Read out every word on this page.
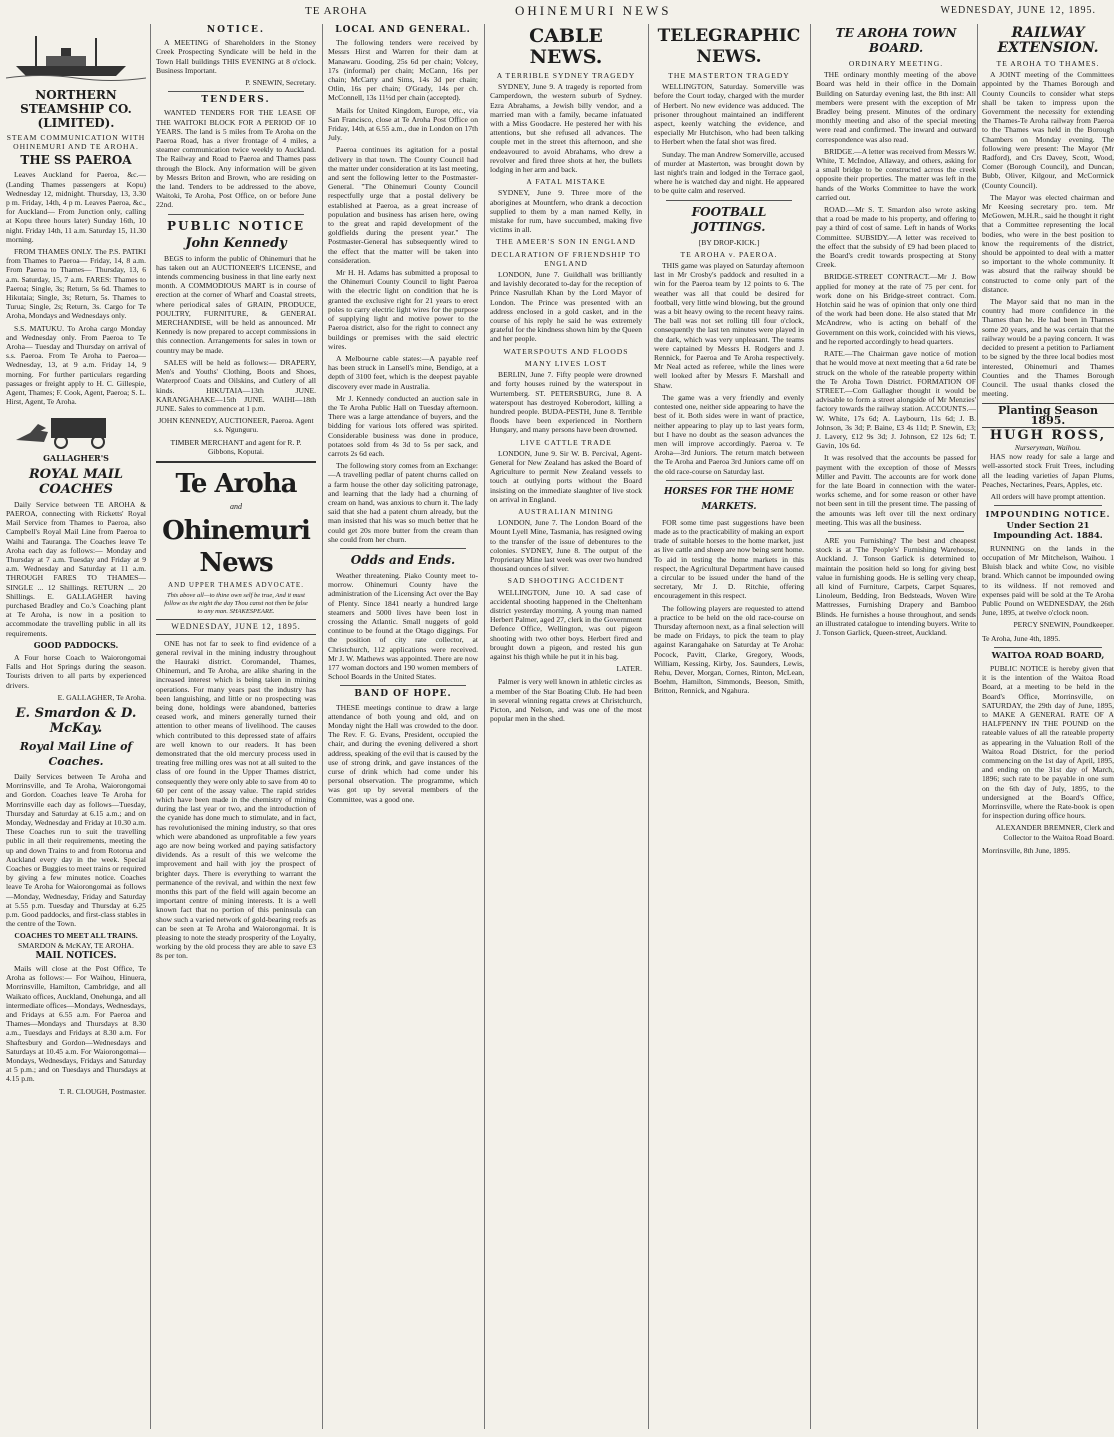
TE AROHA	OHINEMURI NEWS	WEDNESDAY, JUNE 12, 1895.
NORTHERN STEAMSHIP CO. (LIMITED).
STEAM COMMUNICATION WITH OHINEMURI AND TE AROHA.
THE SS PAEROA

Leaves Auckland for Paeroa, &c.— (Landing Thames passengers at Kopu) Wednesday 12, midnight. Thursday, 13, 3.30 p m. Friday, 14th, 4 p m. Leaves Paeroa, &c., for Auckland— From Junction only, calling at Kopu three hours later) Sunday 16th, 10 night. Friday 14th, 11 a.m. Saturday 15, 11.30 morning.

FROM THAMES ONLY. The P.S. PATIKI from Thames to Paeroa— Friday, 14, 8 a.m. From Paeroa to Thames— Thursday, 13, 6 a.m. Saturday, 15, 7 a.m. FARES: Thames to Paeroa; Single, 3s; Return, 5s 6d. Thames to Hikutaia; Single, 3s; Return, 5s. Thames to Turua; Single, 2s; Return, 3s. Cargo for Te Aroha, Mondays and Wednesdays only.

S.S. MATUKU. To Aroha cargo Monday and Wednesday only. From Paeroa to Te Aroha— Tuesday and Thursday on arrival of s.s. Paeroa. From Te Aroha to Paeroa— Wednesday, 13, at 9 a.m. Friday 14, 9 morning. For further particulars regarding passages or freight apply to H. C. Gillespie, Agent, Thames; F. Cook, Agent, Paeroa; S. L. Hirst, Agent, Te Aroha.

GALLAGHER'S
ROYAL MAIL COACHES

Daily Service between TE AROHA & PAEROA, connecting with Ricketts' Royal Mail Service from Thames to Paeroa, also Campbell's Royal Mail Line from Paeroa to Waihi and Tauranga. The Coaches leave Te Aroha each day as follows:— Monday and Thursday at 7 a.m. Tuesday and Friday at 9 a.m. Wednesday and Saturday at 11 a.m. THROUGH FARES TO THAMES— SINGLE ... 12 Shillings. RETURN ... 20 Shillings. E. GALLAGHER having purchased Bradley and Co.'s Coaching plant at Te Aroha, is now in a position to accommodate the travelling public in all its requirements.

GOOD PADDOCKS.

A Four horse Coach to Waiorongomai Falls and Hot Springs during the season. Tourists driven to all parts by experienced drivers.

E. GALLAGHER, Te Aroha.
E. Smardon & D. McKay.
Royal Mail Line of Coaches.

Daily Services between Te Aroha and Morrinsville, and Te Aroha, Waiorongomai and Gordon. Coaches leave Te Aroha for Morrinsville each day as follows—Tuesday, Thursday and Saturday at 6.15 a.m.; and on Monday, Wednesday and Friday at 10.30 a.m. These Coaches run to suit the travelling public in all their requirements, meeting the up and down Trains to and from Rotorua and Auckland every day in the week. Special Coaches or Buggies to meet trains or required by giving a few minutes notice. Coaches leave Te Aroha for Waiorongomai as follows—Monday, Wednesday, Friday and Saturday at 5.55 p.m. Tuesday and Thursday at 6.25 p.m. Good paddocks, and first-class stables in the centre of the Town.

COACHES TO MEET ALL TRAINS.
SMARDON & McKAY, TE AROHA.
MAIL NOTICES.

Mails will close at the Post Office, Te Aroha as follows:— For Waihou, Hinuera, Morrinsville, Hamilton, Cambridge, and all Waikato offices, Auckland, Onehunga, and all intermediate offices—Mondays, Wednesdays, and Fridays at 6.55 a.m. For Paeroa and Thames—Mondays and Thursdays at 8.30 a.m., Tuesdays and Fridays at 8.30 a.m. For Shaftesbury and Gordon—Wednesdays and Saturdays at 10.45 a.m. For Waiorongomai—Mondays, Wednesdays, Fridays and Saturday at 5 p.m.; and on Tuesdays and Thursdays at 4.15 p.m.

T. R. CLOUGH, Postmaster.
NOTICE.

A MEETING of Shareholders in the Stoney Creek Prospecting Syndicate will be held in the Town Hall buildings THIS EVENING at 8 o'clock. Business Important.

P. SNEWIN, Secretary.
TENDERS.

WANTED TENDERS FOR THE LEASE OF THE WAITOKI BLOCK FOR A PERIOD OF 10 YEARS. The land is 5 miles from Te Aroha on the Paeroa Road, has a river frontage of 4 miles, a steamer communication twice weekly to Auckland. The Railway and Road to Paeroa and Thames pass through the Block. Any information will be given by Messrs Briton and Brown, who are residing on the land. Tenders to be addressed to the above, Waitoki, Te Aroha, Post Office, on or before June 22nd.

PUBLIC NOTICE
John Kennedy

BEGS to inform the public of Ohinemuri that he has taken out an AUCTIONEER'S LICENSE, and intends commencing business in that line early next month. A COMMODIOUS MART is in course of erection at the corner of Wharf and Coastal streets, where periodical sales of GRAIN, PRODUCE, POULTRY, FURNITURE, & GENERAL MERCHANDISE, will be held as announced. Mr Kennedy is now prepared to accept commissions in this connection. Arrangements for sales in town or country may be made.

SALES will be held as follows:— DRAPERY, Men's and Youths' Clothing, Boots and Shoes, Waterproof Coats and Oilskins, and Cutlery of all kinds. HIKUTAIA—13th JUNE. KARANGAHAKE—15th JUNE. WAIHI—18th JUNE. Sales to commence at 1 p.m.

JOHN KENNEDY, AUCTIONEER, Paeroa. Agent s.s. Ngunguru.
TIMBER MERCHANT and agent for R. P. Gibbons, Koputai.
Te Aroha
and
Ohinemuri News
AND UPPER THAMES ADVOCATE.
This above all—to thine own self be true, And it must follow as the night the day Thou canst not then be false to any man. SHAKESPEARE.
WEDNESDAY, JUNE 12, 1895.

ONE has not far to seek to find evidence of a general revival in the mining industry throughout the Hauraki district. Coromandel, Thames, Ohinemuri, and Te Aroha, are alike sharing in the increased interest which is being taken in mining operations. For many years past the industry has been languishing, and little or no prospecting was being done, holdings were abandoned, batteries ceased work, and miners generally turned their attention to other means of livelihood. The causes which contributed to this depressed state of affairs are well known to our readers. It has been demonstrated that the old mercury process used in treating free milling ores was not at all suited to the class of ore found in the Upper Thames district, consequently they were only able to save from 40 to 60 per cent of the assay value. The rapid strides which have been made in the chemistry of mining during the last year or two, and the introduction of the cyanide has done much to stimulate, and in fact, has revolutionised the mining industry, so that ores which were abandoned as unprofitable a few years ago are now being worked and paying satisfactory dividends. As a result of this we welcome the improvement and hail with joy the prospect of brighter days. There is everything to warrant the permanence of the revival, and within the next few months this part of the field will again become an important centre of mining interests. It is a well known fact that no portion of this peninsula can show such a varied network of gold-bearing reefs as can be seen at Te Aroha and Waiorongomai. It is pleasing to note the steady prosperity of the Loyalty, working by the old process they are able to save £3 8s per ton.

LOCAL AND GENERAL.

The following tenders were received by Messrs Hirst and Warren for their dam at Manawaru. Gooding, 25s 6d per chain; Volcey, 17s (informal) per chain; McCann, 16s per chain; McCarty and Sims, 14s 3d per chain; Otlin, 16s per chain; O'Grady, 14s per ch. McConnell, 13s 11½d per chain (accepted).

Mails for United Kingdom, Europe, etc., via San Francisco, close at Te Aroha Post Office on Friday, 14th, at 6.55 a.m., due in London on 17th July.

Paeroa continues its agitation for a postal delivery in that town. The County Council had the matter under consideration at its last meeting, and sent the following letter to the Postmaster-General. "The Ohinemuri County Council respectfully urge that a postal delivery be established at Paeroa, as a great increase of population and business has arisen here, owing to the great and rapid development of the goldfields during the present year." The Postmaster-General has subsequently wired to the effect that the matter will be taken into consideration.

Mr H. H. Adams has submitted a proposal to the Ohinemuri County Council to light Paeroa with the electric light on condition that he is granted the exclusive right for 21 years to erect poles to carry electric light wires for the purpose of supplying light and motive power to the Paeroa district, also for the right to connect any buildings or premises with the said electric wires.

A Melbourne cable states:—A payable reef has been struck in Lansell's mine, Bendigo, at a depth of 3100 feet, which is the deepest payable discovery ever made in Australia.

Mr J. Kennedy conducted an auction sale in the Te Aroha Public Hall on Tuesday afternoon. There was a large attendance of buyers, and the bidding for various lots offered was spirited. Considerable business was done in produce, potatoes sold from 4s 3d to 5s per sack, and carrots 2s 6d each.

The following story comes from an Exchange:—A travelling pedlar of patent churns called on a farm house the other day soliciting patronage, and learning that the lady had a churning of cream on hand, was anxious to churn it. The lady said that she had a patent churn already, but the man insisted that his was so much better that he could get 20s more butter from the cream than she could from her churn.

Odds and Ends.

Weather threatening. Piako County meet to-morrow. Ohinemuri County have the administration of the Licensing Act over the Bay of Plenty. Since 1841 nearly a hundred large steamers and 5000 lives have been lost in crossing the Atlantic. Small nuggets of gold continue to be found at the Otago diggings. For the position of city rate collector, at Christchurch, 112 applications were received. Mr J. W. Mathews was appointed. There are now 177 woman doctors and 190 women members of School Boards in the United States.

BAND OF HOPE.

THESE meetings continue to draw a large attendance of both young and old, and on Monday night the Hall was crowded to the door. The Rev. F. G. Evans, President, occupied the chair, and during the evening delivered a short address, speaking of the evil that is caused by the use of strong drink, and gave instances of the curse of drink which had come under his personal observation. The programme, which was got up by several members of the Committee, was a good one.

CABLE NEWS.
A TERRIBLE SYDNEY TRAGEDY

SYDNEY, June 9. A tragedy is reported from Camperdown, the western suburb of Sydney. Ezra Abrahams, a Jewish billy vendor, and a married man with a family, became infatuated with a Miss Goodacre. He pestered her with his attentions, but she refused all advances. The couple met in the street this afternoon, and she endeavoured to avoid Abrahams, who drew a revolver and fired three shots at her, the bullets lodging in her arm and back.

A FATAL MISTAKE

SYDNEY, June 9. Three more of the aborigines at Mountfern, who drank a decoction supplied to them by a man named Kelly, in mistake for rum, have succumbed, making five victims in all.

THE AMEER'S SON IN ENGLAND
DECLARATION OF FRIENDSHIP TO ENGLAND

LONDON, June 7. Guildhall was brilliantly and lavishly decorated to-day for the reception of Prince Nasrullah Khan by the Lord Mayor of London. The Prince was presented with an address enclosed in a gold casket, and in the course of his reply he said he was extremely grateful for the kindness shown him by the Queen and her people.

WATERSPOUTS AND FLOODS
MANY LIVES LOST

BERLIN, June 7. Fifty people were drowned and forty houses ruined by the waterspout in Wurtemberg. ST. PETERSBURG, June 8. A waterspout has destroyed Koberodort, killing a hundred people. BUDA-PESTH, June 8. Terrible floods have been experienced in Northern Hungary, and many persons have been drowned.

LIVE CATTLE TRADE

LONDON, June 9. Sir W. B. Percival, Agent-General for New Zealand has asked the Board of Agriculture to permit New Zealand vessels to touch at outlying ports without the Board insisting on the immediate slaughter of live stock on arrival in England.

AUSTRALIAN MINING

LONDON, June 7. The London Board of the Mount Lyell Mine, Tasmania, has resigned owing to the transfer of the issue of debentures to the colonies. SYDNEY, June 8. The output of the Proprietary Mine last week was over two hundred thousand ounces of silver.

SAD SHOOTING ACCIDENT

WELLINGTON, June 10. A sad case of accidental shooting happened in the Cheltenham district yesterday morning. A young man named Herbert Palmer, aged 27, clerk in the Government Defence Office, Wellington, was out pigeon shooting with two other boys. Herbert fired and brought down a pigeon, and rested his gun against his thigh while he put it in his bag.

LATER.

Palmer is very well known in athletic circles as a member of the Star Boating Club. He had been in several winning regatta crews at Christchurch, Picton, and Nelson, and was one of the most popular men in the shed.

TELEGRAPHIC NEWS.
THE MASTERTON TRAGEDY

WELLINGTON, Saturday. Somerville was before the Court today, charged with the murder of Herbert. No new evidence was adduced. The prisoner throughout maintained an indifferent aspect, keenly watching the evidence, and especially Mr Hutchison, who had been talking to Herbert when the fatal shot was fired.

Sunday. The man Andrew Somerville, accused of murder at Masterton, was brought down by last night's train and lodged in the Terrace gaol, where he is watched day and night. He appeared to be quite calm and reserved.

FOOTBALL JOTTINGS.
[BY DROP-KICK.]
TE AROHA v. PAEROA.

THIS game was played on Saturday afternoon last in Mr Crosby's paddock and resulted in a win for the Paeroa team by 12 points to 6. The weather was all that could be desired for football, very little wind blowing, but the ground was a bit heavy owing to the recent heavy rains. The ball was not set rolling till four o'clock, consequently the last ten minutes were played in the dark, which was very unpleasant. The teams were captained by Messrs H. Rodgers and J. Rennick, for Paeroa and Te Aroha respectively. Mr Neal acted as referee, while the lines were well looked after by Messrs F. Marshall and Shaw.

The game was a very friendly and evenly contested one, neither side appearing to have the best of it. Both sides were in want of practice, neither appearing to play up to last years form, but I have no doubt as the season advances the men will improve accordingly. Paeroa v. Te Aroha—3rd Juniors. The return match between the Te Aroha and Paeroa 3rd Juniors came off on the old race-course on Saturday last.

HORSES FOR THE HOME MARKETS.

FOR some time past suggestions have been made as to the practicability of making an export trade of suitable horses to the home market, just as live cattle and sheep are now being sent home. To aid in testing the home markets in this respect, the Agricultural Department have caused a circular to be issued under the hand of the secretary, Mr J. D. Ritchie, offering encouragement in this respect.

The following players are requested to attend a practice to be held on the old race-course on Thursday afternoon next, as a final selection will be made on Fridays, to pick the team to play against Karangahake on Saturday at Te Aroha: Pocock, Pavitt, Clarke, Gregory, Woods, William, Kessing, Kirby, Jos. Saunders, Lewis, Rehu, Dever, Morgan, Cornes, Rinton, McLean, Boehm, Hamilton, Simmonds, Beeson, Smith, Britton, Rennick, and Ngahura.

TE AROHA TOWN BOARD.
ORDINARY MEETING.

THE ordinary monthly meeting of the above Board was held in their office in the Domain Building on Saturday evening last, the 8th inst: All members were present with the exception of Mr Bradley being present. Minutes of the ordinary monthly meeting and also of the special meeting were read and confirmed. The inward and outward correspondence was also read.

BRIDGE.—A letter was received from Messrs W. White, T. McIndoe, Allaway, and others, asking for a small bridge to be constructed across the creek opposite their properties. The matter was left in the hands of the Works Committee to have the work carried out.

ROAD.—Mr S. T. Smardon also wrote asking that a road be made to his property, and offering to pay a third of cost of same. Left in hands of Works Committee. SUBSIDY.—A letter was received to the effect that the subsidy of £9 had been placed to the Board's credit towards prospecting at Stony Creek.

BRIDGE-STREET CONTRACT.—Mr J. Bow applied for money at the rate of 75 per cent. for work done on his Bridge-street contract. Com. Hotchin said he was of opinion that only one third of the work had been done. He also stated that Mr McAndrew, who is acting on behalf of the Government on this work, coincided with his views, and he reported accordingly to head quarters.

RATE.—The Chairman gave notice of motion that he would move at next meeting that a 6d rate be struck on the whole of the rateable property within the Te Aroha Town District. FORMATION OF STREET.—Com Gallagher thought it would be advisable to form a street alongside of Mr Menzies' factory towards the railway station. ACCOUNTS.—W. White, 17s 6d; A. Laybourn, 11s 6d; J. B. Johnson, 3s 3d; P. Baine, £3 4s 11d; P. Snewin, £3; J. Lavery, £12 9s 3d; J. Johnson, £2 12s 6d; T. Gavin, 10s 6d.

It was resolved that the accounts be passed for payment with the exception of those of Messrs Miller and Pavitt. The accounts are for work done for the late Board in connection with the water-works scheme, and for some reason or other have not been sent in till the present time. The passing of the amounts was left over till the next ordinary meeting. This was all the business.

ARE you Furnishing? The best and cheapest stock is at 'The People's' Furnishing Warehouse, Auckland. J. Tonson Garlick is determined to maintain the position held so long for giving best value in furnishing goods. He is selling very cheap, all kind of Furniture, Carpets, Carpet Squares, Linoleum, Bedding, Iron Bedsteads, Woven Wire Mattresses, Furnishing Drapery and Bamboo Blinds. He furnishes a house throughout, and sends an illustrated catalogue to intending buyers. Write to J. Tonson Garlick, Queen-street, Auckland.

RAILWAY EXTENSION.
TE AROHA TO THAMES.

A JOINT meeting of the Committees appointed by the Thames Borough and County Councils to consider what steps shall be taken to impress upon the Government the necessity for extending the Thames-Te Aroha railway from Paeroa to the Thames was held in the Borough Chambers on Monday evening. The following were present: The Mayor (Mr Radford), and Crs Davey, Scott, Wood, Comer (Borough Council), and Duncan, Bubb, Oliver, Kilgour, and McCormick (County Council).

The Mayor was elected chairman and Mr Keesing secretary pro. tem. Mr McGowen, M.H.R., said he thought it right that a Committee representing the local bodies, who were in the best position to know the requirements of the district, should be appointed to deal with a matter so important to the whole community. It was absurd that the railway should be constructed to come only part of the distance.

The Mayor said that no man in the country had more confidence in the Thames than he. He had been in Thames some 20 years, and he was certain that the railway would be a paying concern. It was decided to present a petition to Parliament to be signed by the three local bodies most interested, Ohinemuri and Thames Counties and the Thames Borough Council. The usual thanks closed the meeting.

Planting Season 1895.
HUGH ROSS,
Nurseryman, Waihou.

HAS now ready for sale a large and well-assorted stock Fruit Trees, including all the leading varieties of Japan Plums, Peaches, Nectarines, Pears, Apples, etc.

All orders will have prompt attention.
IMPOUNDING NOTICE.
Under Section 21 Impounding Act. 1884.

RUNNING on the lands in the occupation of Mr Mitchelson, Waihou. 1 Bluish black and white Cow, no visible brand. Which cannot be impounded owing to its wildness. If not removed and expenses paid will be sold at the Te Aroha Public Pound on WEDNESDAY, the 26th June, 1895, at twelve o'clock noon.

PERCY SNEWIN, Poundkeeper.
Te Aroha, June 4th, 1895.
WAITOA ROAD BOARD,

PUBLIC NOTICE is hereby given that it is the intention of the Waitoa Road Board, at a meeting to be held in the Board's Office, Morrinsville, on SATURDAY, the 29th day of June, 1895, to MAKE A GENERAL RATE OF A HALFPENNY IN THE POUND on the rateable values of all the rateable property as appearing in the Valuation Roll of the Waitoa Road District, for the period commencing on the 1st day of April, 1895, and ending on the 31st day of March, 1896; such rate to be payable in one sum on the 6th day of July, 1895, to the undersigned at the Board's Office, Morrinsville, where the Rate-book is open for inspection during office hours.

ALEXANDER BREMNER, Clerk and Collector to the Waitoa Road Board.
Morrinsville, 8th June, 1895.
